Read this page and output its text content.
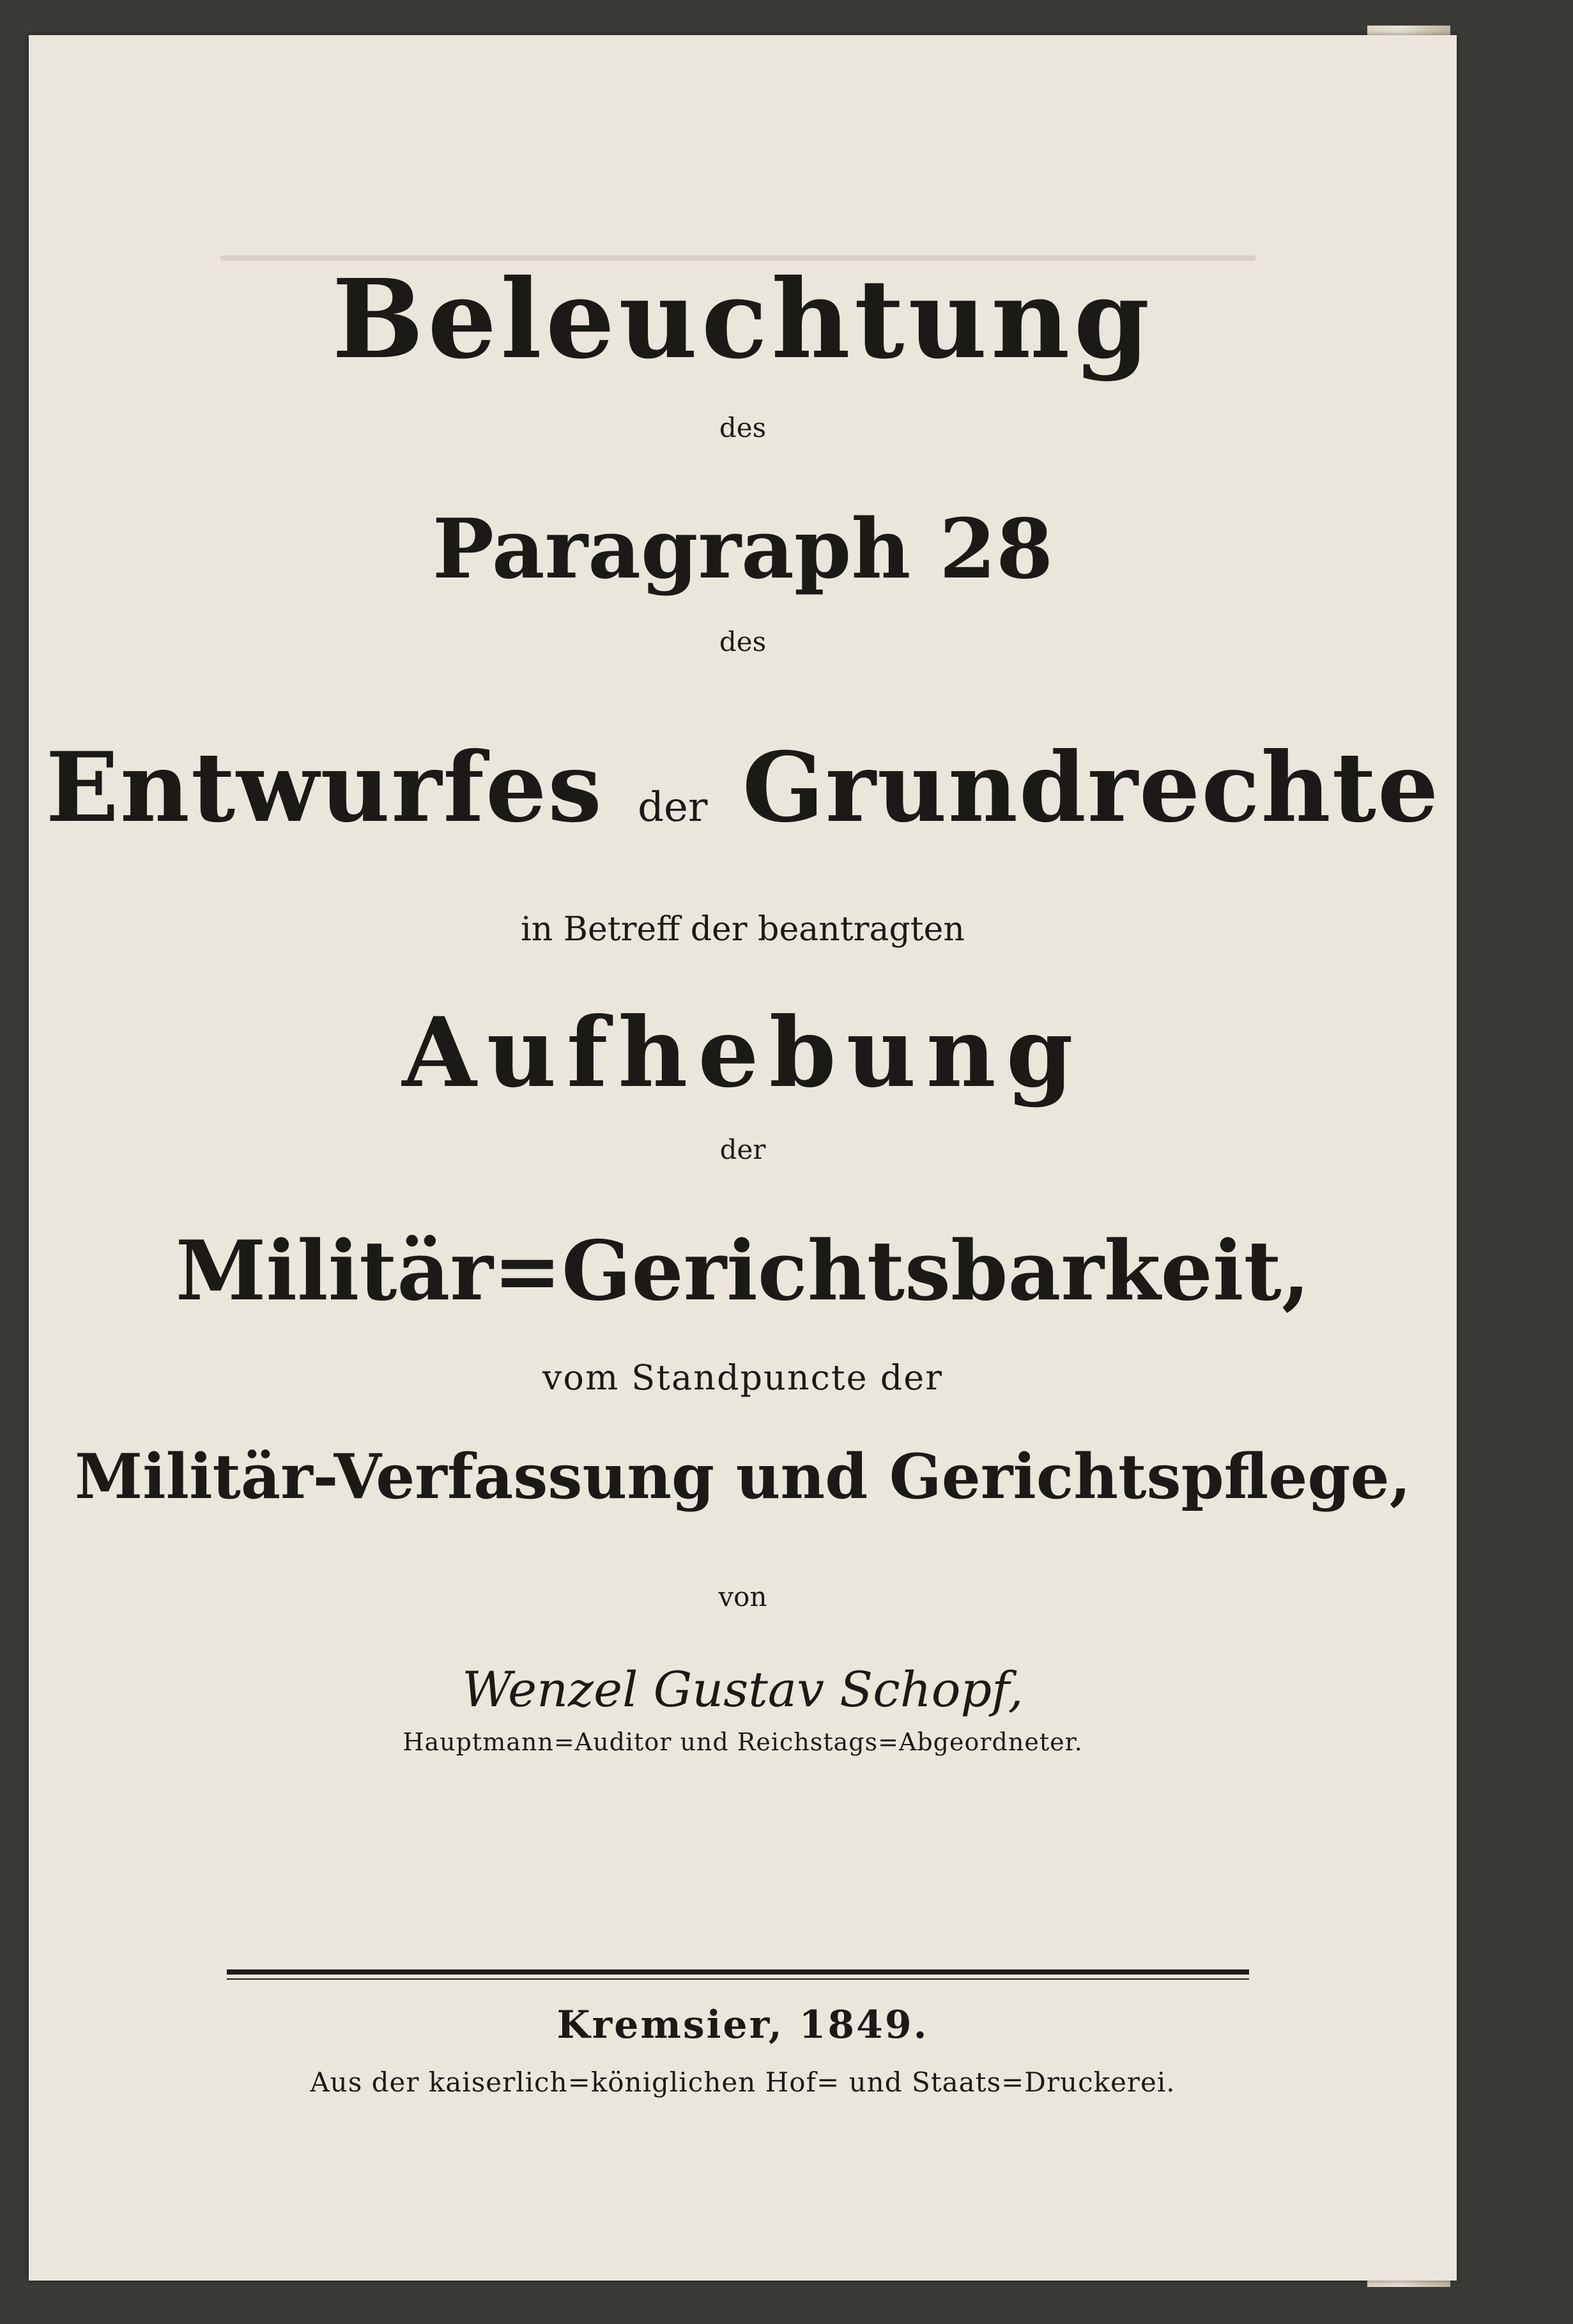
Beleuchtung
des
Paragraph 28
des
Entwurfes der Grundrechte
in Betreff der beantragten
Aufhebung
der
Militär=Gerichtsbarkeit,
vom Standpuncte der
Militär-Verfassung und Gerichtspflege,
von
Wenzel Gustav Schopf,
Hauptmann=Auditor und Reichstags=Abgeordneter.
Kremsier, 1849.
Aus der kaiserlich=königlichen Hof= und Staats=Druckerei.
